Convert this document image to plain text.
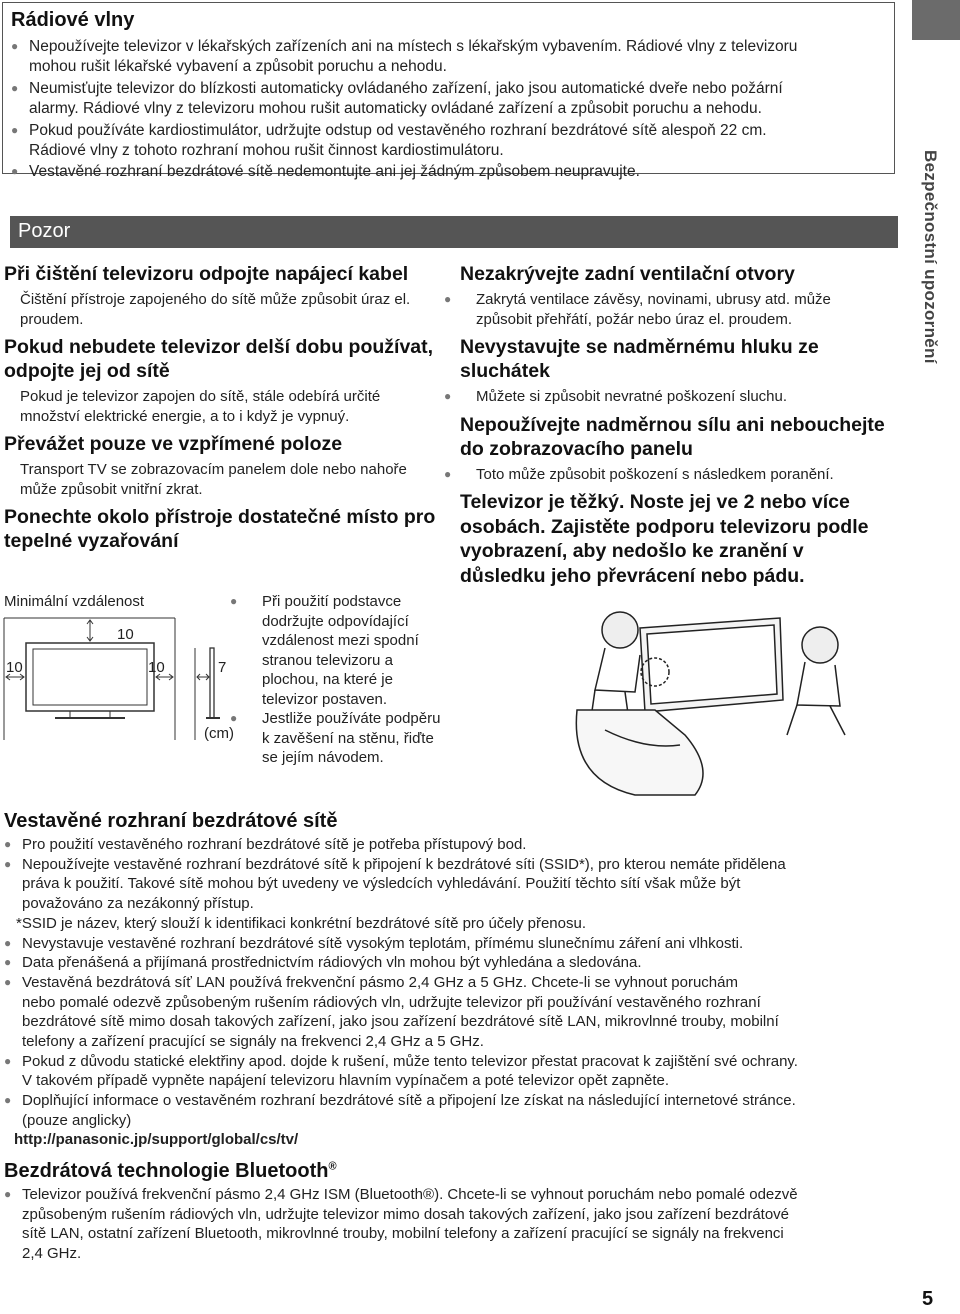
Bezpečnostní upozornění
Rádiové vlny
● Nepoužívejte televizor v lékařských zařízeních ani na místech s lékařským vybavením. Rádiové vlny z televizoru
mohou rušit lékařské vybavení a způsobit poruchu a nehodu.
● Neumisťujte televizor do blízkosti automaticky ovládaného zařízení, jako jsou automatické dveře nebo požární
alarmy. Rádiové vlny z televizoru mohou rušit automaticky ovládané zařízení a způsobit poruchu a nehodu.
● Pokud používáte kardiostimulátor, udržujte odstup od vestavěného rozhraní bezdrátové sítě alespoň 22 cm.
Rádiové vlny z tohoto rozhraní mohou rušit činnost kardiostimulátoru.
● Vestavěné rozhraní bezdrátové sítě nedemontujte ani jej žádným způsobem neupravujte.
Pozor
Při čištění televizoru odpojte napájecí kabel
Čištění přístroje zapojeného do sítě může způsobit úraz el. proudem.
Pokud nebudete televizor delší dobu používat, odpojte jej od sítě
Pokud je televizor zapojen do sítě, stále odebírá určité množství elektrické energie, a to i když je vypnuý.
Převážet pouze ve vzpřímené poloze
Transport TV se zobrazovacím panelem dole nebo nahoře může způsobit vnitřní zkrat.
Ponechte okolo přístroje dostatečné místo pro tepelné vyzařování
Minimální vzdálenost
10
10	10	7
(cm)
● Při použití podstavce dodržujte odpovídající vzdálenost mezi spodní stranou televizoru a plochou, na které je televizor postaven.
● Jestliže používáte podpěru k zavěšení na stěnu, řiďte se jejím návodem.
Nezakrývejte zadní ventilační otvory
● Zakrytá ventilace závěsy, novinami, ubrusy atd. může způsobit přehřátí, požár nebo úraz el. proudem.
Nevystavujte se nadměrnému hluku ze sluchátek
● Můžete si způsobit nevratné poškození sluchu.
Nepoužívejte nadměrnou sílu ani nebouchejte do zobrazovacího panelu
● Toto může způsobit poškození s následkem poranění.
Televizor je těžký. Noste jej ve 2 nebo více osobách. Zajistěte podporu televizoru podle vyobrazení, aby nedošlo ke zranění v důsledku jeho převrácení nebo pádu.
Vestavěné rozhraní bezdrátové sítě
● Pro použití vestavěného rozhraní bezdrátové sítě je potřeba přístupový bod.
● Nepoužívejte vestavěné rozhraní bezdrátové sítě k připojení k bezdrátové síti (SSID*), pro kterou nemáte přidělena
práva k použití. Takové sítě mohou být uvedeny ve výsledcích vyhledávání. Použití těchto sítí však může být
považováno za nezákonný přístup.
*SSID je název, který slouží k identifikaci konkrétní bezdrátové sítě pro účely přenosu.
● Nevystavuje vestavěné rozhraní bezdrátové sítě vysokým teplotám, přímému slunečnímu záření ani vlhkosti.
● Data přenášená a přijímaná prostřednictvím rádiových vln mohou být vyhledána a sledována.
● Vestavěná bezdrátová síť LAN používá frekvenční pásmo 2,4 GHz a 5 GHz. Chcete-li se vyhnout poruchám
nebo pomalé odezvě způsobeným rušením rádiových vln, udržujte televizor při používání vestavěného rozhraní
bezdrátové sítě mimo dosah takových zařízení, jako jsou zařízení bezdrátové sítě LAN, mikrovlnné trouby, mobilní
telefony a zařízení pracující se signály na frekvenci 2,4 GHz a 5 GHz.
● Pokud z důvodu statické elektřiny apod. dojde k rušení, může tento televizor přestat pracovat k zajištění své ochrany.
V takovém případě vypněte napájení televizoru hlavním vypínačem a poté televizor opět zapněte.
● Doplňující informace o vestavěném rozhraní bezdrátové sítě a připojení lze získat na následující internetové stránce.
(pouze anglicky)
http://panasonic.jp/support/global/cs/tv/
Bezdrátová technologie Bluetooth®
● Televizor používá frekvenční pásmo 2,4 GHz ISM (Bluetooth®). Chcete-li se vyhnout poruchám nebo pomalé odezvě
způsobeným rušením rádiových vln, udržujte televizor mimo dosah takových zařízení, jako jsou zařízení bezdrátové
sítě LAN, ostatní zařízení Bluetooth, mikrovlnné trouby, mobilní telefony a zařízení pracující se signály na frekvenci
2,4 GHz.
5
